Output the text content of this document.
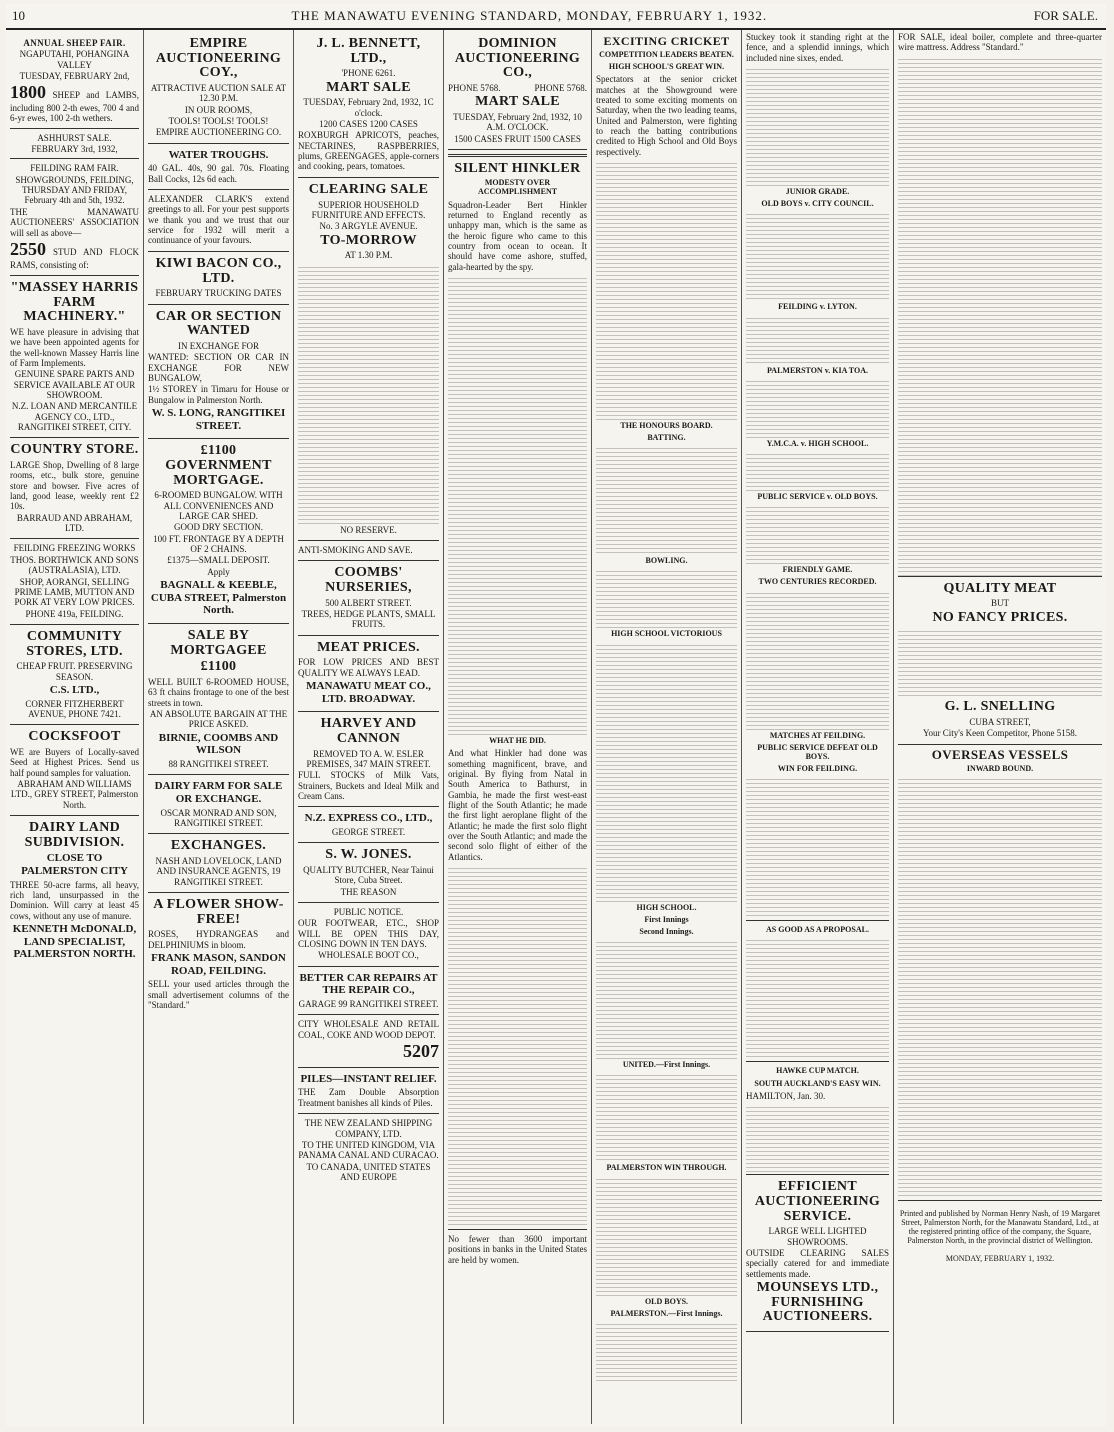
10	THE MANAWATU EVENING STANDARD, MONDAY, FEBRUARY 1, 1932.	FOR SALE.
ANNUAL SHEEP FAIR.

NGAPUTAHI, POHANGINA VALLEY

TUESDAY, FEBRUARY 2nd,

1800 SHEEP and LAMBS, including 800 2-th ewes, 700 4 and 6-yr ewes, 100 2-th wethers.

ASHHURST SALE.

FEBRUARY 3rd, 1932,

FEILDING RAM FAIR.

SHOWGROUNDS, FEILDING, THURSDAY AND FRIDAY, February 4th and 5th, 1932.

THE MANAWATU AUCTIONEERS' ASSOCIATION will sell as above—

2550 STUD AND FLOCK RAMS, consisting of:

"MASSEY HARRIS FARM MACHINERY."

WE have pleasure in advising that we have been appointed agents for the well-known Massey Harris line of Farm Implements.

GENUINE SPARE PARTS AND SERVICE AVAILABLE AT OUR SHOWROOM.

N.Z. LOAN AND MERCANTILE AGENCY CO., LTD., RANGITIKEI STREET, CITY.

COUNTRY STORE.

LARGE Shop, Dwelling of 8 large rooms, etc., bulk store, genuine store and bowser. Five acres of land, good lease, weekly rent £2 10s.

BARRAUD AND ABRAHAM, LTD.

FEILDING FREEZING WORKS

THOS. BORTHWICK AND SONS (AUSTRALASIA), LTD.

SHOP, AORANGI, SELLING PRIME LAMB, MUTTON AND PORK AT VERY LOW PRICES.

PHONE 419a, FEILDING.

COMMUNITY STORES, LTD.

CHEAP FRUIT. PRESERVING SEASON.

C.S. LTD.,

CORNER FITZHERBERT AVENUE, PHONE 7421.

COCKSFOOT

WE are Buyers of Locally-saved Seed at Highest Prices. Send us half pound samples for valuation.

ABRAHAM AND WILLIAMS LTD., GREY STREET, Palmerston North.

DAIRY LAND SUBDIVISION.
CLOSE TO PALMERSTON CITY

THREE 50-acre farms, all heavy, rich land, unsurpassed in the Dominion. Will carry at least 45 cows, without any use of manure.

KENNETH McDONALD, LAND SPECIALIST, PALMERSTON NORTH.
EMPIRE AUCTIONEERING COY.,

ATTRACTIVE AUCTION SALE AT 12.30 P.M.

IN OUR ROOMS,

TOOLS! TOOLS! TOOLS!

EMPIRE AUCTIONEERING CO.

WATER TROUGHS.

40 GAL. 40s, 90 gal. 70s. Floating Ball Cocks, 12s 6d each.

ALEXANDER CLARK'S extend greetings to all. For your pest supports we thank you and we trust that our service for 1932 will merit a continuance of your favours.

KIWI BACON CO., LTD.

FEBRUARY TRUCKING DATES

CAR OR SECTION WANTED

IN EXCHANGE FOR

WANTED: SECTION OR CAR IN EXCHANGE FOR NEW BUNGALOW,

1½ STOREY in Timaru for House or Bungalow in Palmerston North.

W. S. LONG, RANGITIKEI STREET.
£1100 GOVERNMENT MORTGAGE.

6-ROOMED BUNGALOW. WITH ALL CONVENIENCES AND LARGE CAR SHED.

GOOD DRY SECTION.

100 FT. FRONTAGE BY A DEPTH OF 2 CHAINS.

£1375—SMALL DEPOSIT.

Apply

BAGNALL & KEEBLE, CUBA STREET, Palmerston North.
SALE BY MORTGAGEE
£1100

WELL BUILT 6-ROOMED HOUSE, 63 ft chains frontage to one of the best streets in town.

AN ABSOLUTE BARGAIN AT THE PRICE ASKED.

BIRNIE, COOMBS AND WILSON

88 RANGITIKEI STREET.

DAIRY FARM FOR SALE OR EXCHANGE.

OSCAR MONRAD AND SON, RANGITIKEI STREET.

EXCHANGES.

NASH AND LOVELOCK, LAND AND INSURANCE AGENTS, 19 RANGITIKEI STREET.

A FLOWER SHOW-FREE!

ROSES, HYDRANGEAS and DELPHINIUMS in bloom.

FRANK MASON, SANDON ROAD, FEILDING.

SELL your used articles through the small advertisement columns of the "Standard."

J. L. BENNETT, LTD.,

'PHONE 6261.

MART SALE

TUESDAY, February 2nd, 1932, 1C o'clock.

1200 CASES 1200 CASES

ROXBURGH APRICOTS, peaches, NECTARINES, RASPBERRIES, plums, GREENGAGES, apple-corners and cooking, pears, tomatoes.

CLEARING SALE

SUPERIOR HOUSEHOLD FURNITURE AND EFFECTS.

No. 3 ARGYLE AVENUE.

TO-MORROW

AT 1.30 P.M.

NO RESERVE.

ANTI-SMOKING AND SAVE.

COOMBS' NURSERIES,

500 ALBERT STREET.

TREES, HEDGE PLANTS, SMALL FRUITS.

MEAT PRICES.

FOR LOW PRICES AND BEST QUALITY WE ALWAYS LEAD.

MANAWATU MEAT CO., LTD. BROADWAY.
HARVEY AND CANNON

REMOVED TO A. W. ESLER PREMISES, 347 MAIN STREET.

FULL STOCKS of Milk Vats, Strainers, Buckets and Ideal Milk and Cream Cans.

N.Z. EXPRESS CO., LTD.,

GEORGE STREET.

S. W. JONES.

QUALITY BUTCHER, Near Tainui Store, Cuba Street.

THE REASON

PUBLIC NOTICE.

OUR FOOTWEAR, ETC., SHOP WILL BE OPEN THIS DAY, CLOSING DOWN IN TEN DAYS.

WHOLESALE BOOT CO.,

BETTER CAR REPAIRS AT THE REPAIR CO.,

GARAGE 99 RANGITIKEI STREET.

CITY WHOLESALE AND RETAIL COAL, COKE AND WOOD DEPOT.

5207

PILES—INSTANT RELIEF.

THE Zam Double Absorption Treatment banishes all kinds of Piles.

THE NEW ZEALAND SHIPPING COMPANY, LTD.

TO THE UNITED KINGDOM, VIA PANAMA CANAL AND CURACAO.

TO CANADA, UNITED STATES AND EUROPE

DOMINION AUCTIONEERING CO.,

PHONE 5768.	PHONE 5768.

MART SALE

TUESDAY, February 2nd, 1932, 10 A.M. O'CLOCK.

1500 CASES FRUIT 1500 CASES

SILENT HINKLER
MODESTY OVER ACCOMPLISHMENT

Squadron-Leader Bert Hinkler returned to England recently as unhappy man, which is the same as the heroic figure who came to this country from ocean to ocean. It should have come ashore, stuffed, gala-hearted by the spy.

WHAT HE DID.

And what Hinkler had done was something magnificent, brave, and original. By flying from Natal in South America to Bathurst, in Gambia, he made the first west-east flight of the South Atlantic; he made the first light aeroplane flight of the Atlantic; he made the first solo flight over the South Atlantic; and made the second solo flight of either of the Atlantics.

No fewer than 3600 important positions in banks in the United States are held by women.

EXCITING CRICKET
COMPETITION LEADERS BEATEN.
HIGH SCHOOL'S GREAT WIN.

Spectators at the senior cricket matches at the Showground were treated to some exciting moments on Saturday, when the two leading teams, United and Palmerston, were fighting to reach the batting contributions credited to High School and Old Boys respectively.

THE HONOURS BOARD.
BATTING.
BOWLING.
HIGH SCHOOL VICTORIOUS
HIGH SCHOOL.
First Innings
Second Innings.
UNITED.—First Innings.
PALMERSTON WIN THROUGH.
OLD BOYS.
PALMERSTON.—First Innings.

Stuckey took it standing right at the fence, and a splendid innings, which included nine sixes, ended.

JUNIOR GRADE.
OLD BOYS v. CITY COUNCIL.
FEILDING v. LYTON.
PALMERSTON v. KIA TOA.
Y.M.C.A. v. HIGH SCHOOL.
PUBLIC SERVICE v. OLD BOYS.
FRIENDLY GAME.
TWO CENTURIES RECORDED.
MATCHES AT FEILDING.
PUBLIC SERVICE DEFEAT OLD BOYS.
WIN FOR FEILDING.
AS GOOD AS A PROPOSAL.
HAWKE CUP MATCH.
SOUTH AUCKLAND'S EASY WIN.

HAMILTON, Jan. 30.

EFFICIENT AUCTIONEERING SERVICE.

LARGE WELL LIGHTED SHOWROOMS.

OUTSIDE CLEARING SALES specially catered for and immediate settlements made.

MOUNSEYS LTD., FURNISHING AUCTIONEERS.

FOR SALE, ideal boiler, complete and three-quarter wire mattress. Address "Standard."

QUALITY MEAT

BUT

NO FANCY PRICES.
G. L. SNELLING

CUBA STREET,

Your City's Keen Competitor, Phone 5158.

OVERSEAS VESSELS
INWARD BOUND.

Printed and published by Norman Henry Nash, of 19 Margaret Street, Palmerston North, for the Manawatu Standard, Ltd., at the registered printing office of the company, the Square, Palmerston North, in the provincial district of Wellington.

MONDAY, FEBRUARY 1, 1932.
